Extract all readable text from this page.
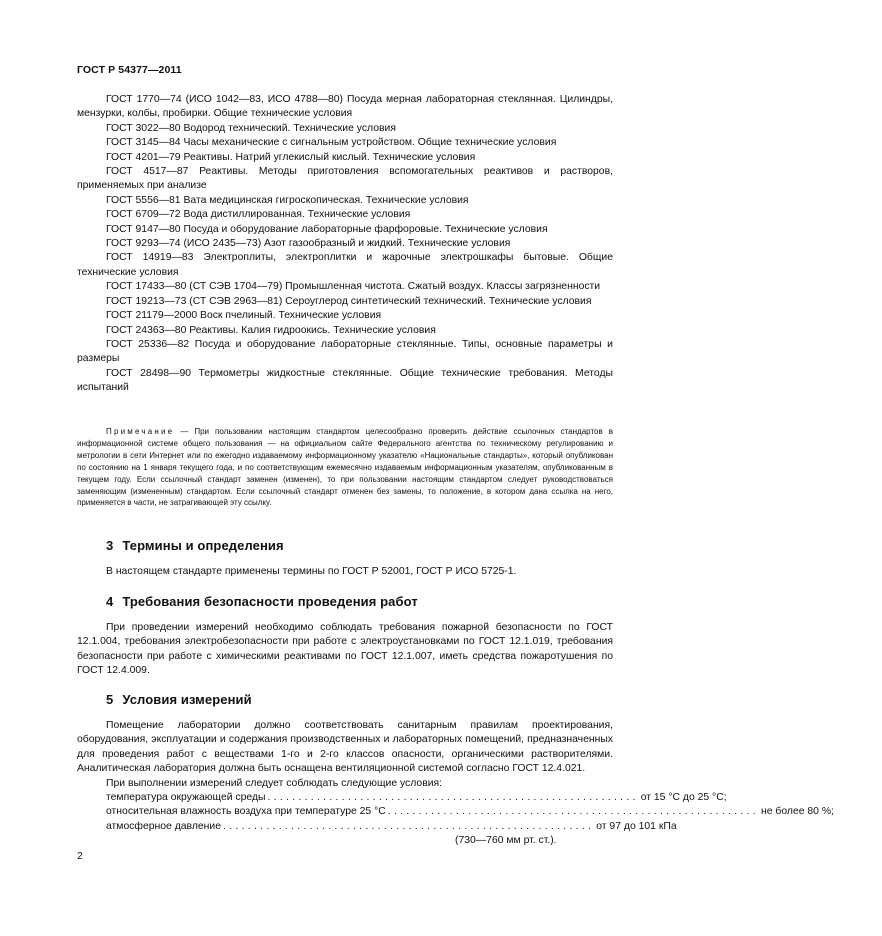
ГОСТ Р 54377—2011

ГОСТ 1770—74 (ИСО 1042—83, ИСО 4788—80) Посуда мерная лабораторная стеклянная. Цилиндры, мензурки, колбы, пробирки. Общие технические условия

ГОСТ 3022—80 Водород технический. Технические условия

ГОСТ 3145—84 Часы механические с сигнальным устройством. Общие технические условия

ГОСТ 4201—79 Реактивы. Натрий углекислый кислый. Технические условия

ГОСТ 4517—87 Реактивы. Методы приготовления вспомогательных реактивов и растворов, применяемых при анализе

ГОСТ 5556—81 Вата медицинская гигроскопическая. Технические условия

ГОСТ 6709—72 Вода дистиллированная. Технические условия

ГОСТ 9147—80 Посуда и оборудование лабораторные фарфоровые. Технические условия

ГОСТ 9293—74 (ИСО 2435—73) Азот газообразный и жидкий. Технические условия

ГОСТ 14919—83 Электроплиты, электроплитки и жарочные электрошкафы бытовые. Общие технические условия

ГОСТ 17433—80 (СТ СЭВ 1704—79) Промышленная чистота. Сжатый воздух. Классы загрязненности

ГОСТ 19213—73 (СТ СЭВ 2963—81) Сероуглерод синтетический технический. Технические условия

ГОСТ 21179—2000 Воск пчелиный. Технические условия

ГОСТ 24363—80 Реактивы. Калия гидроокись. Технические условия

ГОСТ 25336—82 Посуда и оборудование лабораторные стеклянные. Типы, основные параметры и размеры

ГОСТ 28498—90 Термометры жидкостные стеклянные. Общие технические требования. Методы испытаний

Примечание — При пользовании настоящим стандартом целесообразно проверить действие ссылочных стандартов в информационной системе общего пользования — на официальном сайте Федерального агентства по техническому регулированию и метрологии в сети Интернет или по ежегодно издаваемому информационному указателю «Национальные стандарты», который опубликован по состоянию на 1 января текущего года, и по соответствующим ежемесячно издаваемым информационным указателям, опубликованным в текущем году. Если ссылочный стандарт заменен (изменен), то при пользовании настоящим стандартом следует руководствоваться заменяющим (измененным) стандартом. Если ссылочный стандарт отменен без замены, то положение, в котором дана ссылка на него, применяется в части, не затрагивающей эту ссылку.

3 Термины и определения

В настоящем стандарте применены термины по ГОСТ Р 52001, ГОСТ Р ИСО 5725-1.

4 Требования безопасности проведения работ

При проведении измерений необходимо соблюдать требования пожарной безопасности по ГОСТ 12.1.004, требования электробезопасности при работе с электроустановками по ГОСТ 12.1.019, требования безопасности при работе с химическими реактивами по ГОСТ 12.1.007, иметь средства пожаротушения по ГОСТ 12.4.009.

5 Условия измерений

Помещение лаборатории должно соответствовать санитарным правилам проектирования, оборудования, эксплуатации и содержания производственных и лабораторных помещений, предназначенных для проведения работ с веществами 1-го и 2-го классов опасности, органическими растворителями. Аналитическая лаборатория должна быть оснащена вентиляционной системой согласно ГОСТ 12.4.021.

При выполнении измерений следует соблюдать следующие условия:

температура окружающей среды ............................................................ от 15 °С до 25 °С;
относительная влажность воздуха при температуре 25 °С ............................................................ не более 80 %;
атмосферное давление ............................................................ от 97 до 101 кПа
(730—760 мм рт. ст.).
2
